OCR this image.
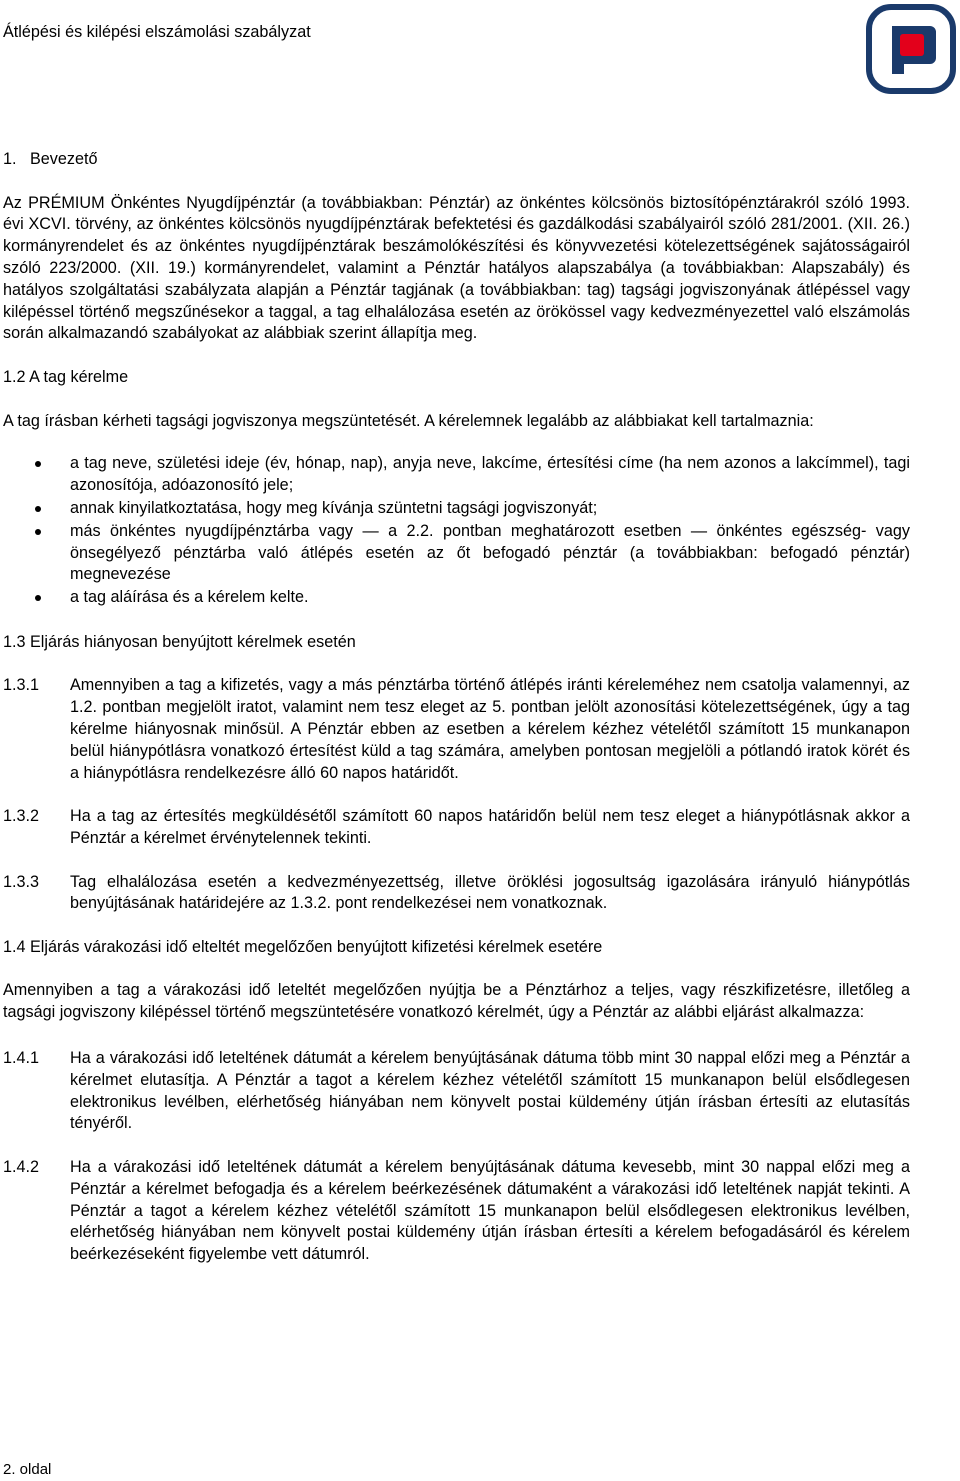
Átlépési és kilépési elszámolási szabályzat
1.   Bevezető

Az PRÉMIUM Önkéntes Nyugdíjpénztár (a továbbiakban: Pénztár) az önkéntes kölcsönös biztosítópénztárakról szóló 1993. évi XCVI. törvény, az önkéntes kölcsönös nyugdíjpénztárak befektetési és gazdálkodási szabályairól szóló 281/2001. (XII. 26.) kormányrendelet és az önkéntes nyugdíjpénztárak beszámolókészítési és könyvvezetési kötelezettségének sajátosságairól szóló 223/2000. (XII. 19.) kormányrendelet, valamint a Pénztár hatályos alapszabálya (a továbbiakban: Alapszabály) és hatályos szolgáltatási szabályzata alapján a Pénztár tagjának (a továbbiakban: tag) tagsági jogviszonyának átlépéssel vagy kilépéssel történő megszűnésekor a taggal, a tag elhalálozása esetén az örökössel vagy kedvezményezettel való elszámolás során alkalmazandó szabályokat az alábbiak szerint állapítja meg.

1.2 A tag kérelme

A tag írásban kérheti tagsági jogviszonya megszüntetését. A kérelemnek legalább az alábbiakat kell tartalmaznia:

a tag neve, születési ideje (év, hónap, nap), anyja neve, lakcíme, értesítési címe (ha nem azonos a lakcímmel), tagi azonosítója, adóazonosító jele;
annak kinyilatkoztatása, hogy meg kívánja szüntetni tagsági jogviszonyát;
más önkéntes nyugdíjpénztárba vagy — a 2.2. pontban meghatározott esetben — önkéntes egészség- vagy önsegélyező pénztárba való átlépés esetén az őt befogadó pénztár (a továbbiakban: befogadó pénztár) megnevezése
a tag aláírása és a kérelem kelte.
1.3 Eljárás hiányosan benyújtott kérelmek esetén
1.3.1 Amennyiben a tag a kifizetés, vagy a más pénztárba történő átlépés iránti kéreleméhez nem csatolja valamennyi, az 1.2. pontban megjelölt iratot, valamint nem tesz eleget az 5. pontban jelölt azonosítási kötelezettségének, úgy a tag kérelme hiányosnak minősül. A Pénztár ebben az esetben a kérelem kézhez vételétől számított 15 munkanapon belül hiánypótlásra vonatkozó értesítést küld a tag számára, amelyben pontosan megjelöli a pótlandó iratok körét és a hiánypótlásra rendelkezésre álló 60 napos határidőt.
1.3.2 Ha a tag az értesítés megküldésétől számított 60 napos határidőn belül nem tesz eleget a hiánypótlásnak akkor a Pénztár a kérelmet érvénytelennek tekinti.
1.3.3 Tag elhalálozása esetén a kedvezményezettség, illetve öröklési jogosultság igazolására irányuló hiánypótlás benyújtásának határidejére az 1.3.2. pont rendelkezései nem vonatkoznak.
1.4 Eljárás várakozási idő elteltét megelőzően benyújtott kifizetési kérelmek esetére

Amennyiben a tag a várakozási idő leteltét megelőzően nyújtja be a Pénztárhoz a teljes, vagy részkifizetésre, illetőleg a tagsági jogviszony kilépéssel történő megszüntetésére vonatkozó kérelmét, úgy a Pénztár az alábbi eljárást alkalmazza:

1.4.1 Ha a várakozási idő leteltének dátumát a kérelem benyújtásának dátuma több mint 30 nappal előzi meg a Pénztár a kérelmet elutasítja. A Pénztár a tagot a kérelem kézhez vételétől számított 15 munkanapon belül elsődlegesen elektronikus levélben, elérhetőség hiányában nem könyvelt postai küldemény útján írásban értesíti az elutasítás tényéről.
1.4.2 Ha a várakozási idő leteltének dátumát a kérelem benyújtásának dátuma kevesebb, mint 30 nappal előzi meg a Pénztár a kérelmet befogadja és a kérelem beérkezésének dátumaként a várakozási idő leteltének napját tekinti. A Pénztár a tagot a kérelem kézhez vételétől számított 15 munkanapon belül elsődlegesen elektronikus levélben, elérhetőség hiányában nem könyvelt postai küldemény útján írásban értesíti a kérelem befogadásáról és kérelem beérkezéseként figyelembe vett dátumról.
2. oldal
